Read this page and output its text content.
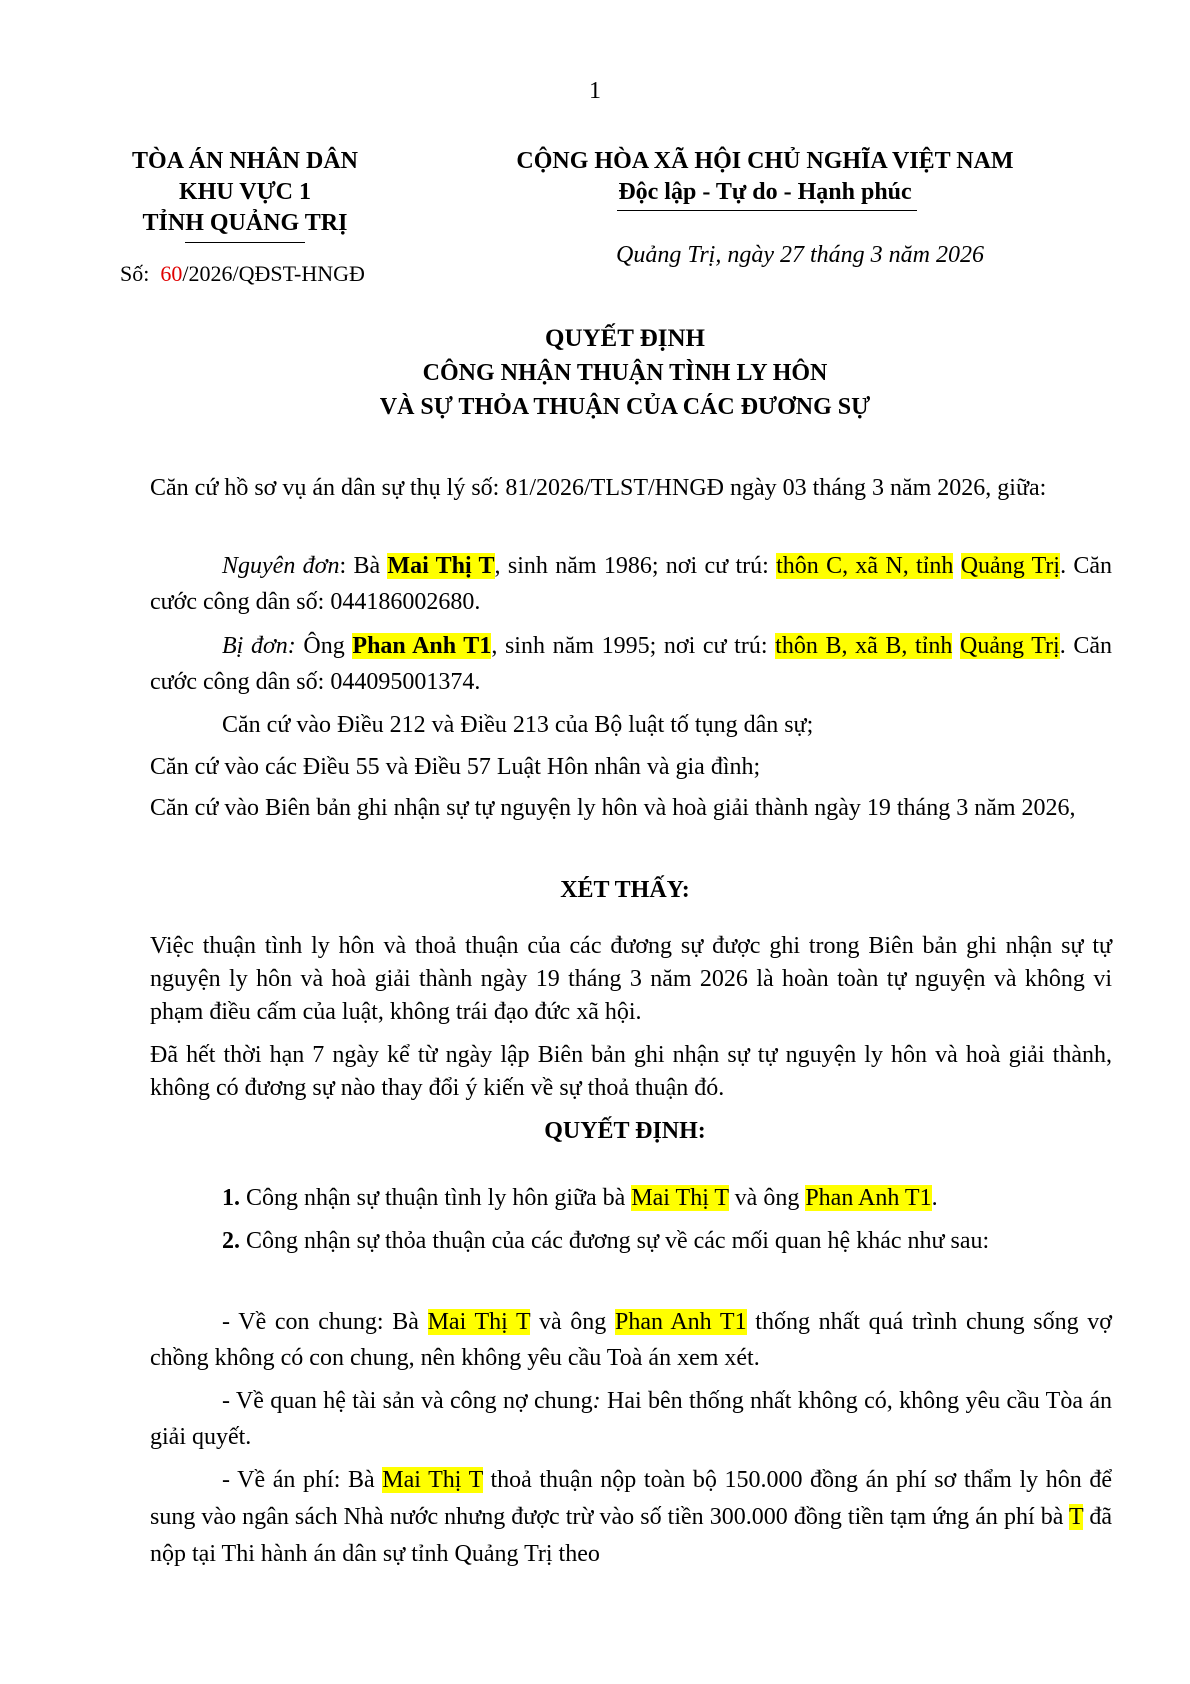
1
TÒA ÁN NHÂN DÂN
KHU VỰC 1
TỈNH QUẢNG TRỊ
Số: 60/2026/QĐST-HNGĐ
CỘNG HÒA XÃ HỘI CHỦ NGHĨA VIỆT NAM
Độc lập - Tự do - Hạnh phúc
Quảng Trị, ngày 27 tháng 3 năm 2026
QUYẾT ĐỊNH
CÔNG NHẬN THUẬN TÌNH LY HÔN
VÀ SỰ THỎA THUẬN CỦA CÁC ĐƯƠNG SỰ
Căn cứ hồ sơ vụ án dân sự thụ lý số: 81/2026/TLST/HNGĐ ngày 03 tháng 3 năm 2026, giữa:
Nguyên đơn: Bà Mai Thị T, sinh năm 1986; nơi cư trú: thôn C, xã N, tỉnh Quảng Trị. Căn cước công dân số: 044186002680.
Bị đơn: Ông Phan Anh T1, sinh năm 1995; nơi cư trú: thôn B, xã B, tỉnh Quảng Trị. Căn cước công dân số: 044095001374.
Căn cứ vào Điều 212 và Điều 213 của Bộ luật tố tụng dân sự;
Căn cứ vào các Điều 55 và Điều 57 Luật Hôn nhân và gia đình;
Căn cứ vào Biên bản ghi nhận sự tự nguyện ly hôn và hoà giải thành ngày 19 tháng 3 năm 2026,
XÉT THẤY:
Việc thuận tình ly hôn và thoả thuận của các đương sự được ghi trong Biên bản ghi nhận sự tự nguyện ly hôn và hoà giải thành ngày 19 tháng 3 năm 2026 là hoàn toàn tự nguyện và không vi phạm điều cấm của luật, không trái đạo đức xã hội.
Đã hết thời hạn 7 ngày kể từ ngày lập Biên bản ghi nhận sự tự nguyện ly hôn và hoà giải thành, không có đương sự nào thay đổi ý kiến về sự thoả thuận đó.
QUYẾT ĐỊNH:
1. Công nhận sự thuận tình ly hôn giữa bà Mai Thị T và ông Phan Anh T1.
2. Công nhận sự thỏa thuận của các đương sự về các mối quan hệ khác như sau:
- Về con chung: Bà Mai Thị T và ông Phan Anh T1 thống nhất quá trình chung sống vợ chồng không có con chung, nên không yêu cầu Toà án xem xét.
- Về quan hệ tài sản và công nợ chung: Hai bên thống nhất không có, không yêu cầu Tòa án giải quyết.
- Về án phí: Bà Mai Thị T thoả thuận nộp toàn bộ 150.000 đồng án phí sơ thẩm ly hôn để sung vào ngân sách Nhà nước nhưng được trừ vào số tiền 300.000 đồng tiền tạm ứng án phí bà T đã nộp tại Thi hành án dân sự tỉnh Quảng Trị theo
